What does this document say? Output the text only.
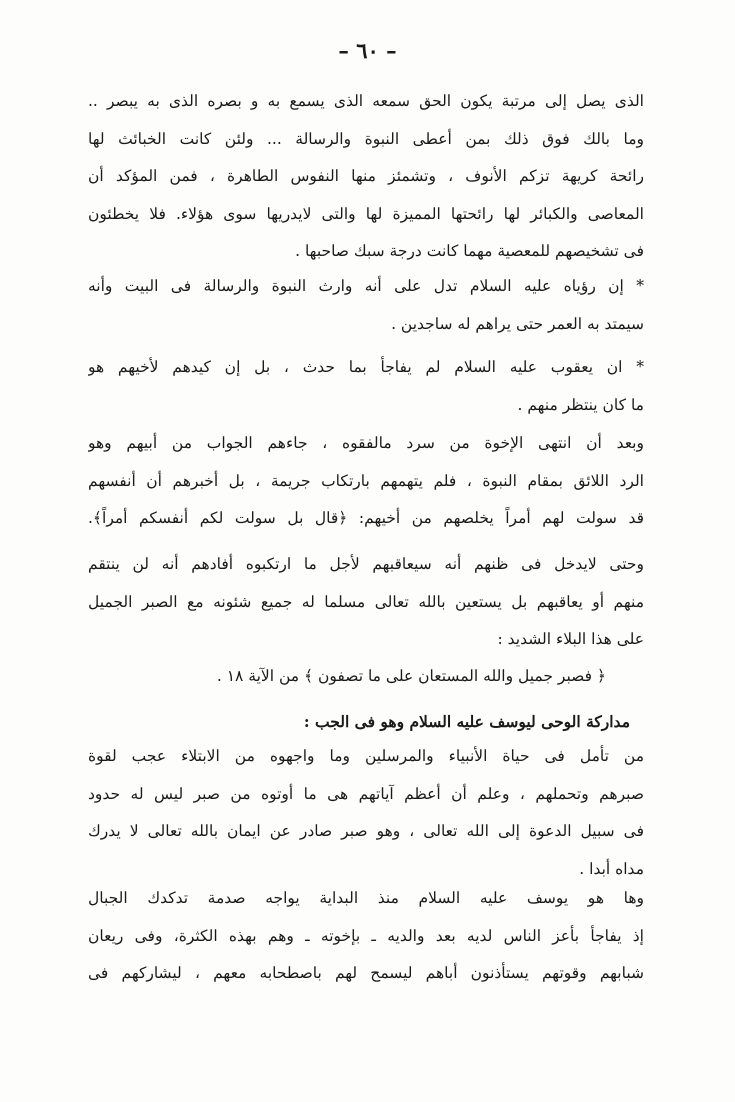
– ٦٠ –
الذى يصل إلى مرتبة يكون الحق سمعه الذى يسمع به و بصره الذى به يبصر ..
وما بالك فوق ذلك بمن أعطى النبوة والرسالة ... ولئن كانت الخبائث لها
رائحة كريهة تزكم الأنوف ، وتشمئز منها النفوس الطاهرة ، فمن المؤكد أن
المعاصى والكبائر لها رائحتها المميزة لها والتى لايدريها سوى هؤلاء. فلا يخطئون
فى تشخيصهم للمعصية مهما كانت درجة سبك صاحبها .
* إن رؤياه عليه السلام تدل على أنه وارث النبوة والرسالة فى البيت وأنه
سيمتد به العمر حتى يراهم له ساجدين .
* ان يعقوب عليه السلام لم يفاجأ بما حدث ، بل إن كيدهم لأخيهم هو
ما كان ينتظر منهم .
وبعد أن انتهى الإخوة من سرد مالفقوه ، جاءهم الجواب من أبيهم وهو
الرد اللائق بمقام النبوة ، فلم يتهمهم بارتكاب جريمة ، بل أخبرهم أن أنفسهم
قد سولت لهم أمراً يخلصهم من أخيهم: ﴿قال بل سولت لكم أنفسكم أمراً﴾.
وحتى لايدخل فى ظنهم أنه سيعاقبهم لأجل ما ارتكبوه أفادهم أنه لن ينتقم
منهم أو يعاقبهم بل يستعين بالله تعالى مسلما له جميع شئونه مع الصبر الجميل
على هذا البلاء الشديد :
﴿ فصبر جميل والله المستعان على ما تصفون ﴾ من الآية ١٨ .
مداركة الوحى ليوسف عليه السلام وهو فى الجب :
من تأمل فى حياة الأنبياء والمرسلين وما واجهوه من الابتلاء عجب لقوة
صبرهم وتحملهم ، وعلم أن أعظم آياتهم هى ما أوتوه من صبر ليس له حدود
فى سبيل الدعوة إلى الله تعالى ، وهو صبر صادر عن ايمان بالله تعالى لا يدرك
مداه أبدا .
وها هو يوسف عليه السلام منذ البداية يواجه صدمة تدكدك الجبال
إذ يفاجأ بأعز الناس لديه بعد والديه ـ بإخوته ـ وهم بهذه الكثرة، وفى ريعان
شبابهم وقوتهم يستأذنون أباهم ليسمح لهم باصطحابه معهم ، ليشاركهم فى
